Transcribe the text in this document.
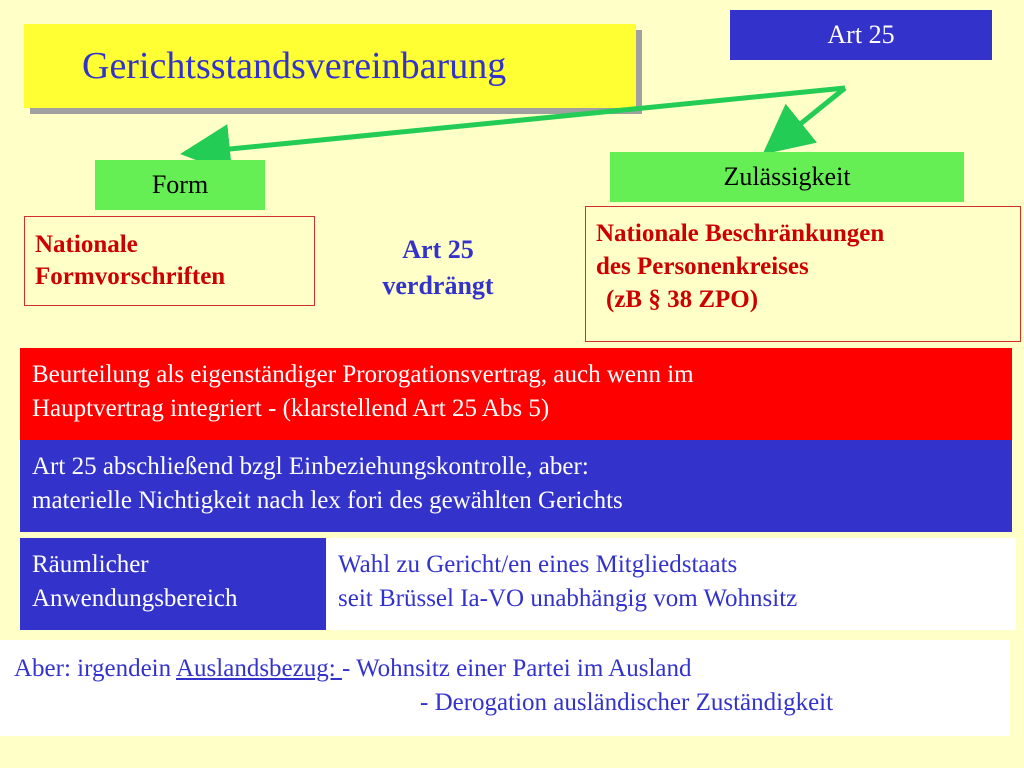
Art 25
Gerichtsstandsvereinbarung
Form	Zulässigkeit
Nationale
Formvorschriften
Art 25
verdrängt
Nationale Beschränkungen
des Personenkreises
(zB § 38 ZPO)
Beurteilung als eigenständiger Prorogationsvertrag, auch wenn im
Hauptvertrag integriert - (klarstellend Art 25 Abs 5)
Art 25 abschließend bzgl Einbeziehungskontrolle, aber:
materielle Nichtigkeit nach lex fori des gewählten Gerichts
Räumlicher
Anwendungsbereich
Wahl zu Gericht/en eines Mitgliedstaats
seit Brüssel Ia-VO unabhängig vom Wohnsitz
Aber: irgendein Auslandsbezug: - Wohnsitz einer Partei im Ausland
- Derogation ausländischer Zuständigkeit
